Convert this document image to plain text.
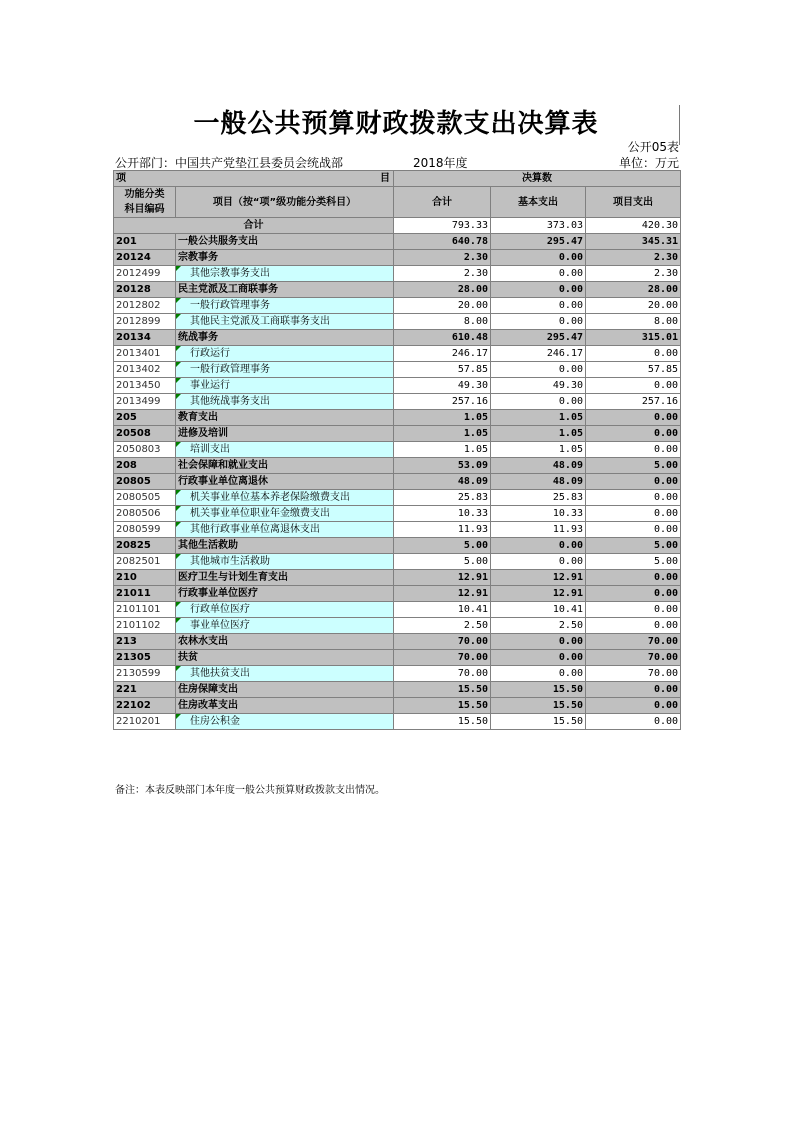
一般公共预算财政拨款支出决算表
公开05表
公开部门：中国共产党垫江县委员会统战部	2018年度	单位：万元
项 目		决算数		
功能分类
科目编码	项目（按“项”级功能分类科目）	合计	基本支出	项目支出
合计		793.33	373.03	420.30
201	一般公共服务支出	640.78	295.47	345.31
20124	宗教事务	2.30	0.00	2.30
2012499	其他宗教事务支出	2.30	0.00	2.30
20128	民主党派及工商联事务	28.00	0.00	28.00
2012802	一般行政管理事务	20.00	0.00	20.00
2012899	其他民主党派及工商联事务支出	8.00	0.00	8.00
20134	统战事务	610.48	295.47	315.01
2013401	行政运行	246.17	246.17	0.00
2013402	一般行政管理事务	57.85	0.00	57.85
2013450	事业运行	49.30	49.30	0.00
2013499	其他统战事务支出	257.16	0.00	257.16
205	教育支出	1.05	1.05	0.00
20508	进修及培训	1.05	1.05	0.00
2050803	培训支出	1.05	1.05	0.00
208	社会保障和就业支出	53.09	48.09	5.00
20805	行政事业单位离退休	48.09	48.09	0.00
2080505	机关事业单位基本养老保险缴费支出	25.83	25.83	0.00
2080506	机关事业单位职业年金缴费支出	10.33	10.33	0.00
2080599	其他行政事业单位离退休支出	11.93	11.93	0.00
20825	其他生活救助	5.00	0.00	5.00
2082501	其他城市生活救助	5.00	0.00	5.00
210	医疗卫生与计划生育支出	12.91	12.91	0.00
21011	行政事业单位医疗	12.91	12.91	0.00
2101101	行政单位医疗	10.41	10.41	0.00
2101102	事业单位医疗	2.50	2.50	0.00
213	农林水支出	70.00	0.00	70.00
21305	扶贫	70.00	0.00	70.00
2130599	其他扶贫支出	70.00	0.00	70.00
221	住房保障支出	15.50	15.50	0.00
22102	住房改革支出	15.50	15.50	0.00
2210201	住房公积金	15.50	15.50	0.00
备注：本表反映部门本年度一般公共预算财政拨款支出情况。
